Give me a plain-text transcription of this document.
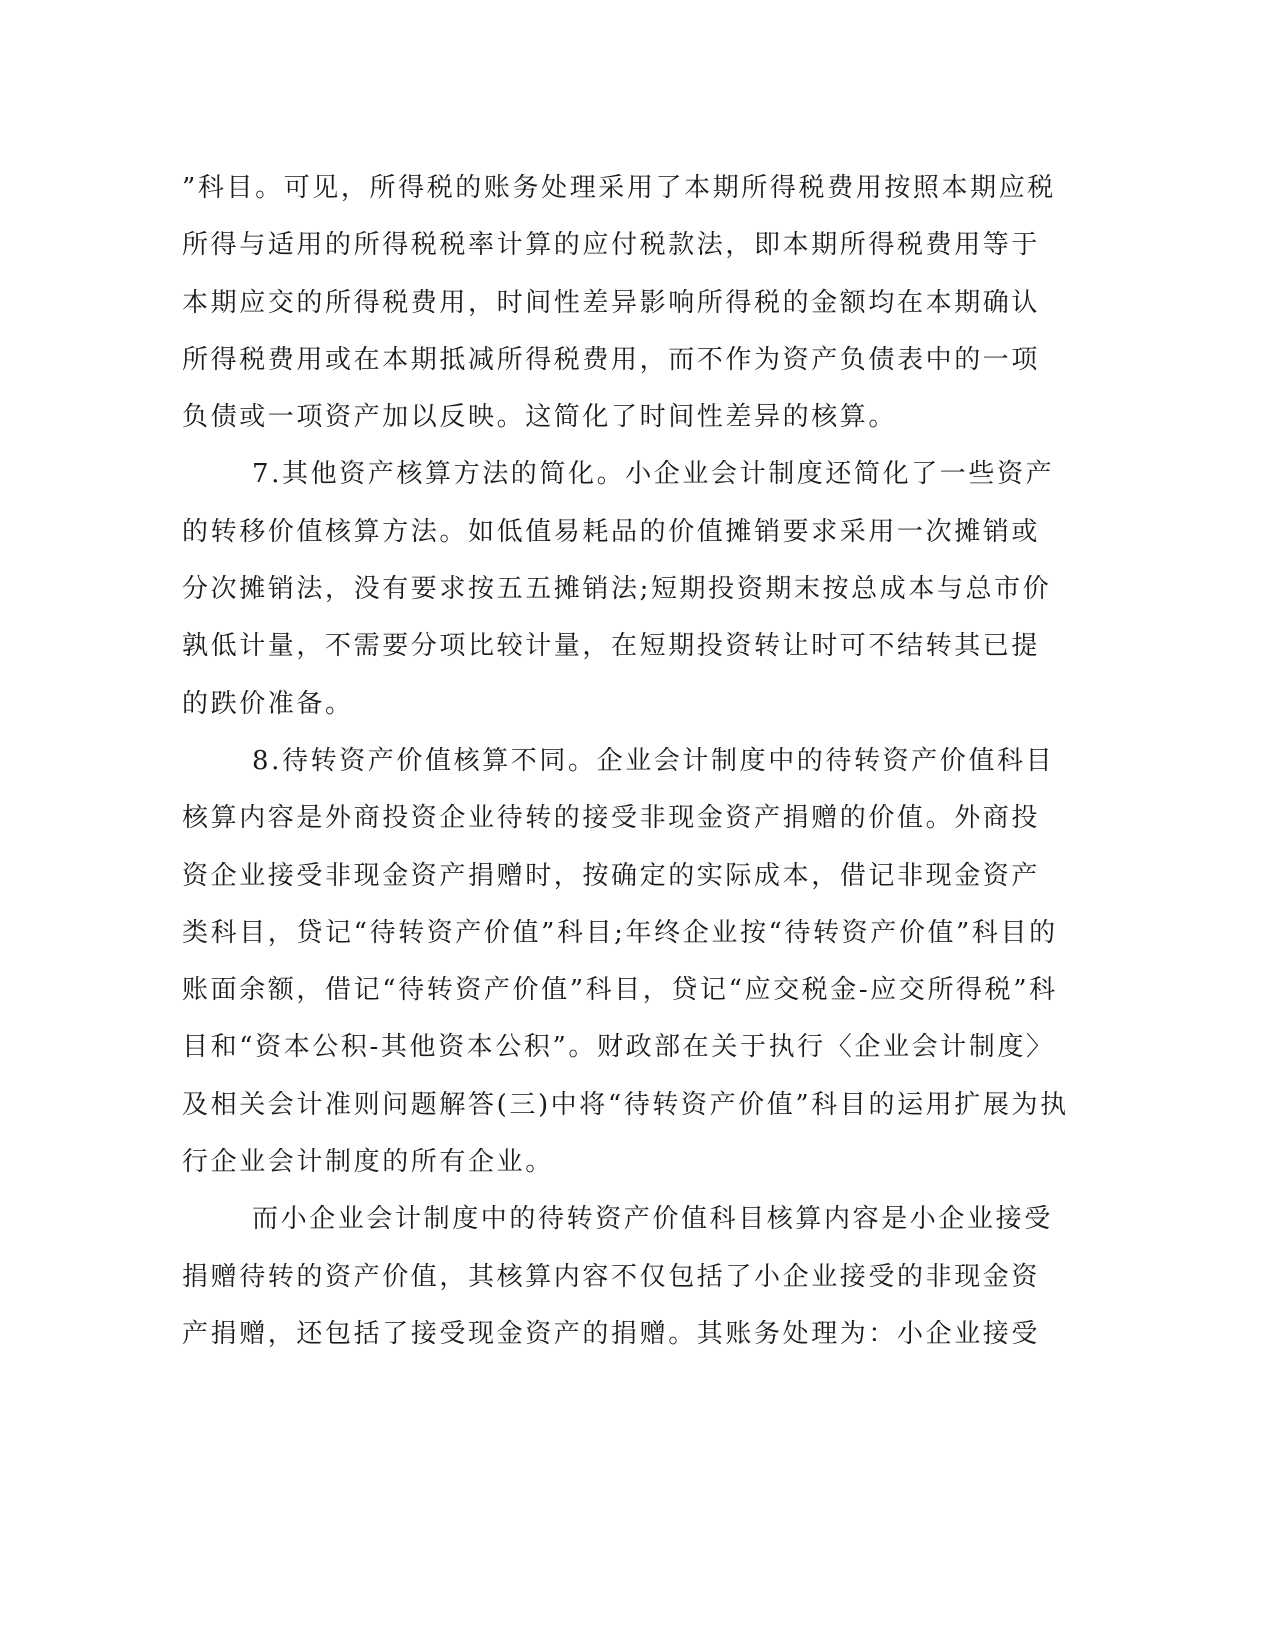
”科目。可见，所得税的账务处理采用了本期所得税费用按照本期应税
所得与适用的所得税税率计算的应付税款法，即本期所得税费用等于
本期应交的所得税费用，时间性差异影响所得税的金额均在本期确认
所得税费用或在本期抵减所得税费用，而不作为资产负债表中的一项
负债或一项资产加以反映。这简化了时间性差异的核算。
7.其他资产核算方法的简化。小企业会计制度还简化了一些资产
的转移价值核算方法。如低值易耗品的价值摊销要求采用一次摊销或
分次摊销法，没有要求按五五摊销法;短期投资期末按总成本与总市价
孰低计量，不需要分项比较计量，在短期投资转让时可不结转其已提
的跌价准备。
8.待转资产价值核算不同。企业会计制度中的待转资产价值科目
核算内容是外商投资企业待转的接受非现金资产捐赠的价值。外商投
资企业接受非现金资产捐赠时，按确定的实际成本，借记非现金资产
类科目，贷记“待转资产价值”科目;年终企业按“待转资产价值”科目的
账面余额，借记“待转资产价值”科目，贷记“应交税金-应交所得税”科
目和“资本公积-其他资本公积”。财政部在关于执行〈企业会计制度〉
及相关会计准则问题解答(三)中将“待转资产价值”科目的运用扩展为执
行企业会计制度的所有企业。
而小企业会计制度中的待转资产价值科目核算内容是小企业接受
捐赠待转的资产价值，其核算内容不仅包括了小企业接受的非现金资
产捐赠，还包括了接受现金资产的捐赠。其账务处理为：小企业接受
